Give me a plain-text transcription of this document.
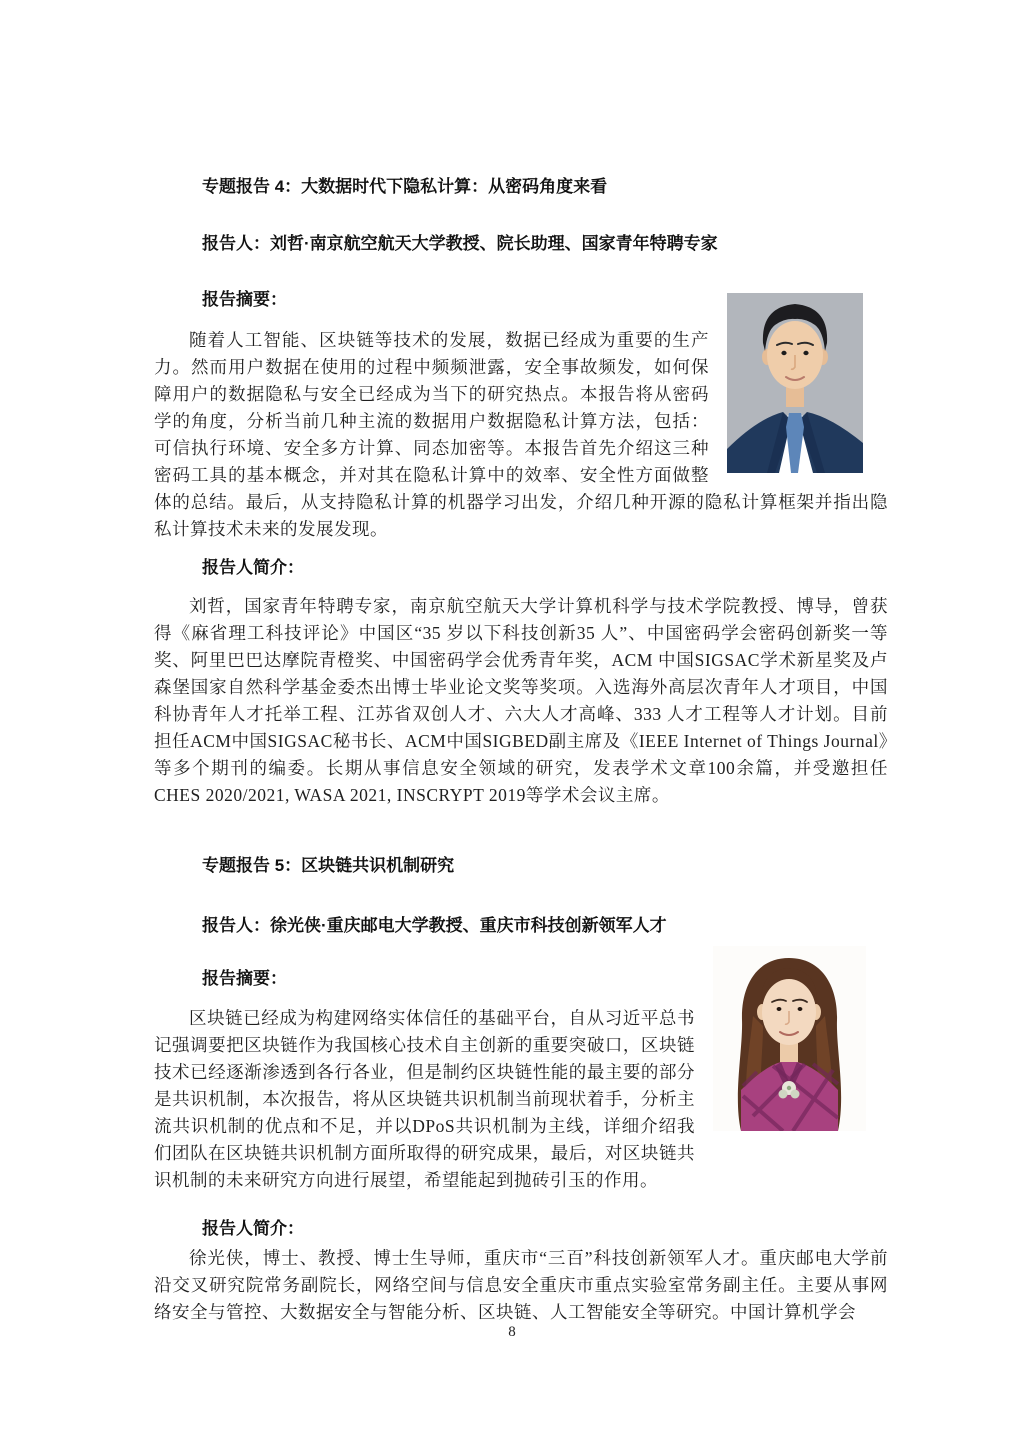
专题报告 4：大数据时代下隐私计算：从密码角度来看
报告人：刘哲·南京航空航天大学教授、院长助理、国家青年特聘专家
报告摘要：

随着人工智能、区块链等技术的发展，数据已经成为重要的生产力。然而用户数据在使用的过程中频频泄露，安全事故频发，如何保障用户的数据隐私与安全已经成为当下的研究热点。本报告将从密码学的角度，分析当前几种主流的数据用户数据隐私计算方法，包括：可信执行环境、安全多方计算、同态加密等。本报告首先介绍这三种密码工具的基本概念，并对其在隐私计算中的效率、安全性方面做整体的总结。最后，从支持隐私计算的机器学习出发，介绍几种开源的隐私计算框架并指出隐私计算技术未来的发展发现。

报告人简介：

刘哲，国家青年特聘专家，南京航空航天大学计算机科学与技术学院教授、博导，曾获得《麻省理工科技评论》中国区“35 岁以下科技创新35 人”、中国密码学会密码创新奖一等奖、阿里巴巴达摩院青橙奖、中国密码学会优秀青年奖，ACM 中国SIGSAC学术新星奖及卢森堡国家自然科学基金委杰出博士毕业论文奖等奖项。入选海外高层次青年人才项目，中国科协青年人才托举工程、江苏省双创人才、六大人才高峰、333 人才工程等人才计划。目前担任ACM中国SIGSAC秘书长、ACM中国SIGBED副主席及《IEEE Internet of Things Journal》等多个期刊的编委。长期从事信息安全领域的研究，发表学术文章100余篇，并受邀担任CHES 2020/2021, WASA 2021, INSCRYPT 2019等学术会议主席。

专题报告 5：区块链共识机制研究
报告人：徐光侠·重庆邮电大学教授、重庆市科技创新领军人才
报告摘要：

区块链已经成为构建网络实体信任的基础平台，自从习近平总书记强调要把区块链作为我国核心技术自主创新的重要突破口，区块链技术已经逐渐渗透到各行各业，但是制约区块链性能的最主要的部分是共识机制，本次报告，将从区块链共识机制当前现状着手，分析主流共识机制的优点和不足，并以DPoS共识机制为主线，详细介绍我们团队在区块链共识机制方面所取得的研究成果，最后，对区块链共识机制的未来研究方向进行展望，希望能起到抛砖引玉的作用。

报告人简介：

徐光侠，博士、教授、博士生导师，重庆市“三百”科技创新领军人才。重庆邮电大学前沿交叉研究院常务副院长，网络空间与信息安全重庆市重点实验室常务副主任。主要从事网络安全与管控、大数据安全与智能分析、区块链、人工智能安全等研究。中国计算机学会

8
